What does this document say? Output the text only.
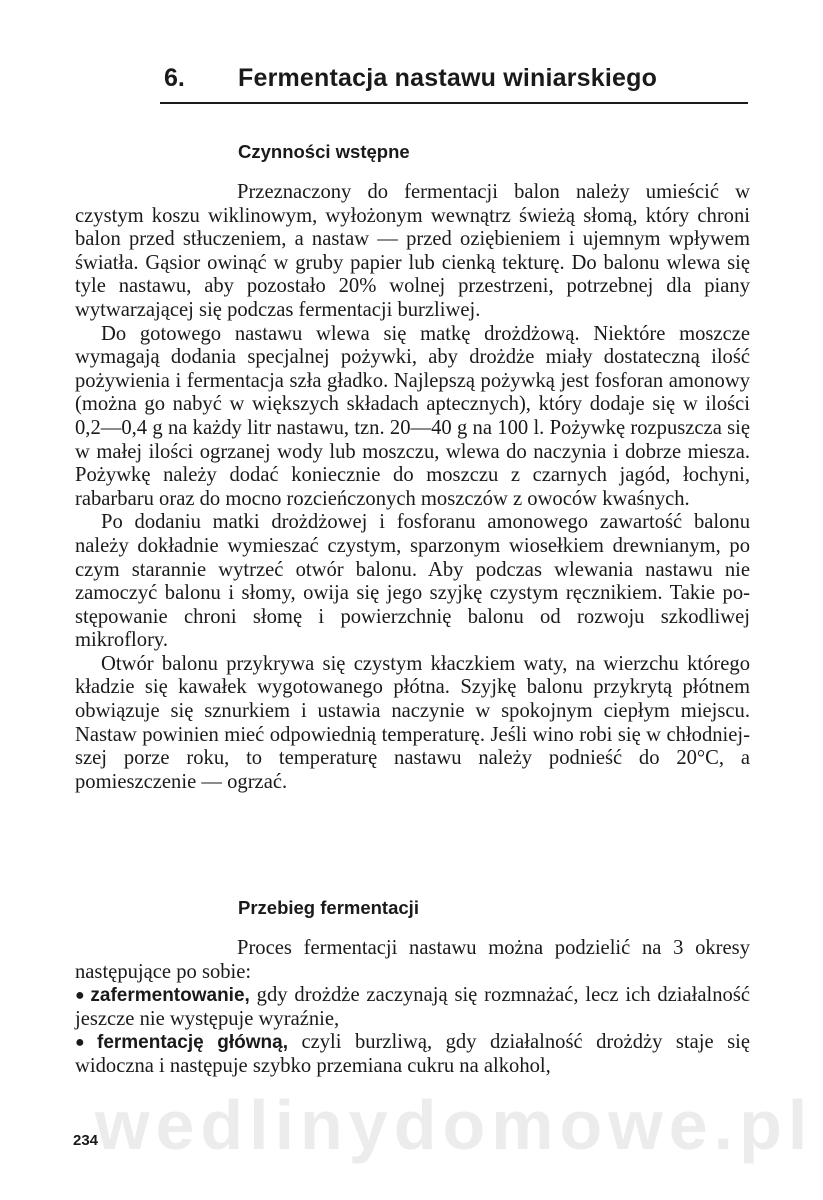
6. Fermentacja nastawu winiarskiego
Czynności wstępne

Przeznaczony do fermentacji balon należy umieścić w czystym koszu wiklinowym, wyłożonym wewnątrz świeżą słomą, który chroni balon przed stłuczeniem, a nastaw — przed oziębieniem i ujemnym wpływem światła. Gąsior owinąć w gruby papier lub cienką tekturę. Do balonu wlewa się tyle nastawu, aby pozostało 20% wolnej przestrzeni, potrzebnej dla piany wytwarzającej się podczas fermentacji burzliwej.

Do gotowego nastawu wlewa się matkę drożdżową. Niektóre moszcze wymagają dodania specjalnej pożywki, aby drożdże miały dostateczną ilość pożywienia i fermentacja szła gładko. Najlepszą pożywką jest fosforan amonowy (można go nabyć w większych składach aptecznych), który dodaje się w ilości 0,2—0,4 g na każdy litr nastawu, tzn. 20—40 g na 100 l. Pożywkę rozpuszcza się w małej ilości ogrzanej wody lub moszczu, wlewa do naczynia i dobrze miesza. Pożywkę należy dodać koniecznie do moszczu z czarnych jagód, łochyni, rabarbaru oraz do mocno rozcieńczonych moszczów z owoców kwaśnych.

Po dodaniu matki drożdżowej i fosforanu amonowego zawartość balonu należy dokładnie wymieszać czystym, sparzonym wiosełkiem drewnianym, po czym starannie wytrzeć otwór balonu. Aby podczas wlewania nastawu nie zamoczyć balonu i słomy, owija się jego szyjkę czystym ręcznikiem. Takie postępowanie chroni słomę i powierzchnię balonu od rozwoju szkodliwej mikroflory.

Otwór balonu przykrywa się czystym kłaczkiem waty, na wierzchu którego kładzie się kawałek wygotowanego płótna. Szyjkę balonu przykrytą płótnem obwiązuje się sznurkiem i ustawia naczynie w spokojnym ciepłym miejscu. Nastaw powinien mieć odpowiednią temperaturę. Jeśli wino robi się w chłodniejszej porze roku, to temperaturę nastawu należy podnieść do 20°C, a pomieszczenie — ogrzać.

Przebieg fermentacji

Proces fermentacji nastawu można podzielić na 3 okresy następujące po sobie:

● zafermentowanie, gdy drożdże zaczynają się rozmnażać, lecz ich działalność jeszcze nie występuje wyraźnie,

● fermentację główną, czyli burzliwą, gdy działalność drożdży staje się widoczna i następuje szybko przemiana cukru na alkohol,

wedlinydomowe.pl
234
